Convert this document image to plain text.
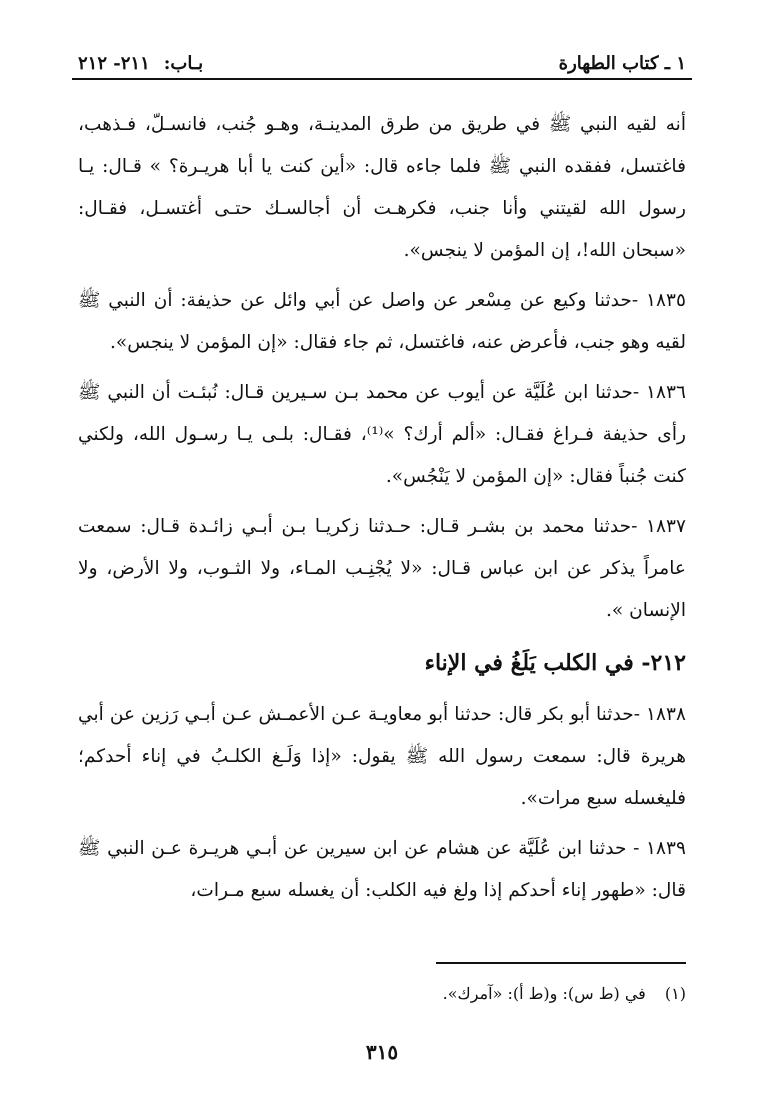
١ ـ كتاب الطهارة
بـاب:
٢١١- ٢١٢

أنه لقيه النبي ﷺ في طريق من طرق المدينـة، وهـو جُنب، فانسـلّ، فـذهب، فاغتسل، ففقده النبي ﷺ فلما جاءه قال: «أين كنت يا أبا هريـرة؟ » قـال: يـا رسول الله لقيتني وأنا جنب، فكرهـت أن أجالسـك حتـى أغتسـل، فقـال: «سبحان الله!، إن المؤمن لا ينجس».

١٨٣٥ -حدثنا وكيع عن مِسْعر عن واصل عن أبي وائل عن حذيفة: أن النبي ﷺ لقيه وهو جنب، فأعرض عنه، فاغتسل، ثم جاء فقال: «إن المؤمن لا ينجس».

١٨٣٦ -حدثنا ابن عُلَيَّة عن أيوب عن محمد بـن سـيرين قـال: نُبئـت أن النبي ﷺ رأى حذيفة فـراغ فقـال: «ألم أرك؟ »⁽¹⁾، فقـال: بلـى يـا رسـول الله، ولكني كنت جُنباً فقال: «إن المؤمن لا يَنْجُس».

١٨٣٧ -حدثنا محمد بن بشـر قـال: حـدثنا زكريـا بـن أبـي زائـدة قـال: سمعت عامراً يذكر عن ابن عباس قـال: «لا يُجْنِـب المـاء، ولا الثـوب، ولا الأرض، ولا الإنسان ».

٢١٢- في الكلب يَلَغُ في الإناء

١٨٣٨ -حدثنا أبو بكر قال: حدثنا أبو معاويـة عـن الأعمـش عـن أبـي رَزين عن أبي هريرة قال: سمعت رسول الله ﷺ يقول: «إذا وَلَـغ الكلـبُ في إناء أحدكم؛ فليغسله سبع مرات».

١٨٣٩ - حدثنا ابن عُلَيَّة عن هشام عن ابن سيرين عن أبـي هريـرة عـن النبي ﷺ قال: «طهور إناء أحدكم إذا ولغ فيه الكلب: أن يغسله سبع مـرات،

(١) في (ط س): و(ط أ): «آمرك».
٣١٥
